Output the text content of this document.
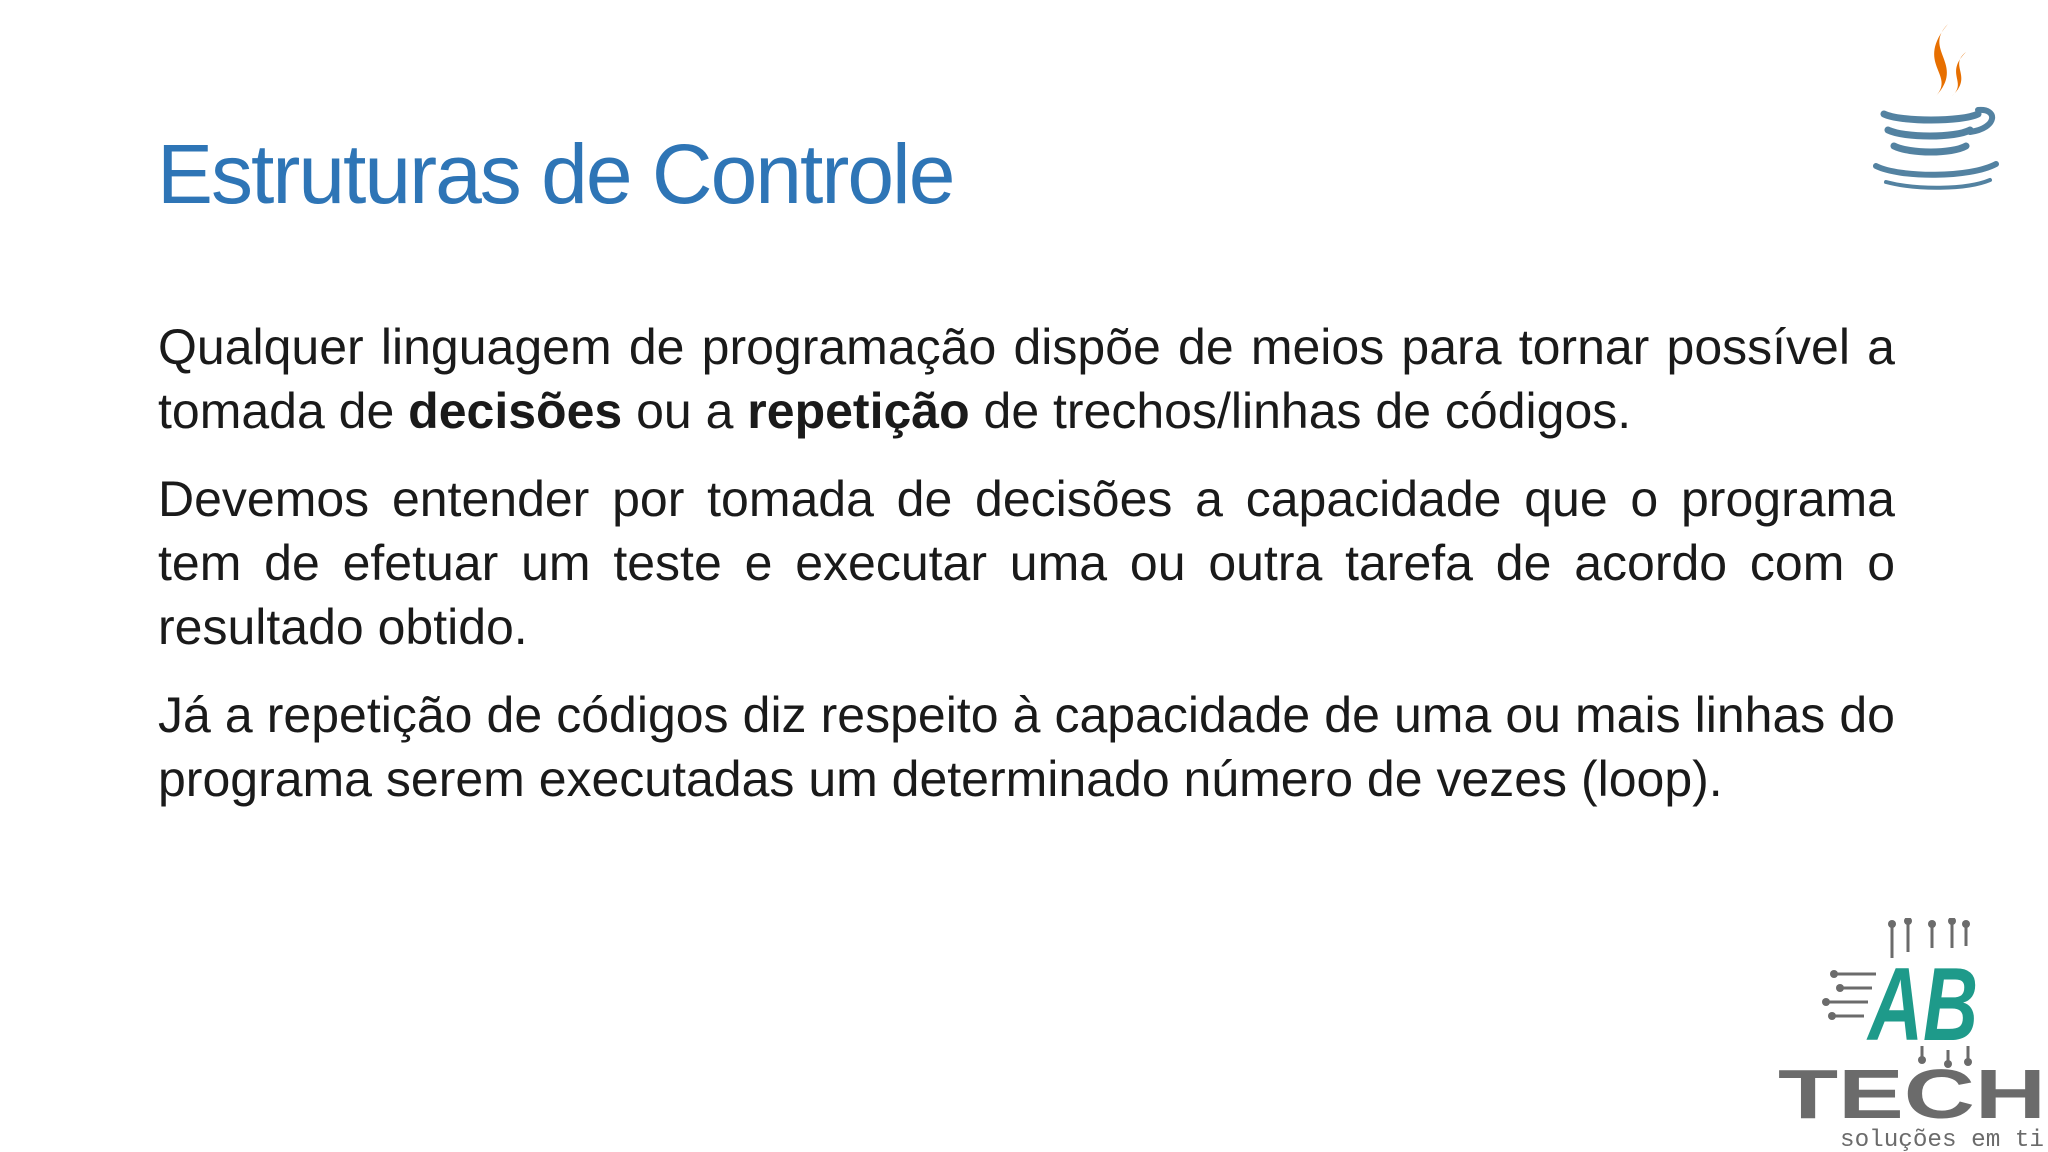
Estruturas de Controle

Qualquer linguagem de programação dispõe de meios para tornar possível a tomada de decisões ou a repetição de trechos/linhas de códigos.

Devemos entender por tomada de decisões a capacidade que o programa tem de efetuar um teste e executar uma ou outra tarefa de acordo com o resultado obtido.

Já a repetição de códigos diz respeito à capacidade de uma ou mais linhas do programa serem executadas um determinado número de vezes (loop).

AB
TECH
soluções em ti
